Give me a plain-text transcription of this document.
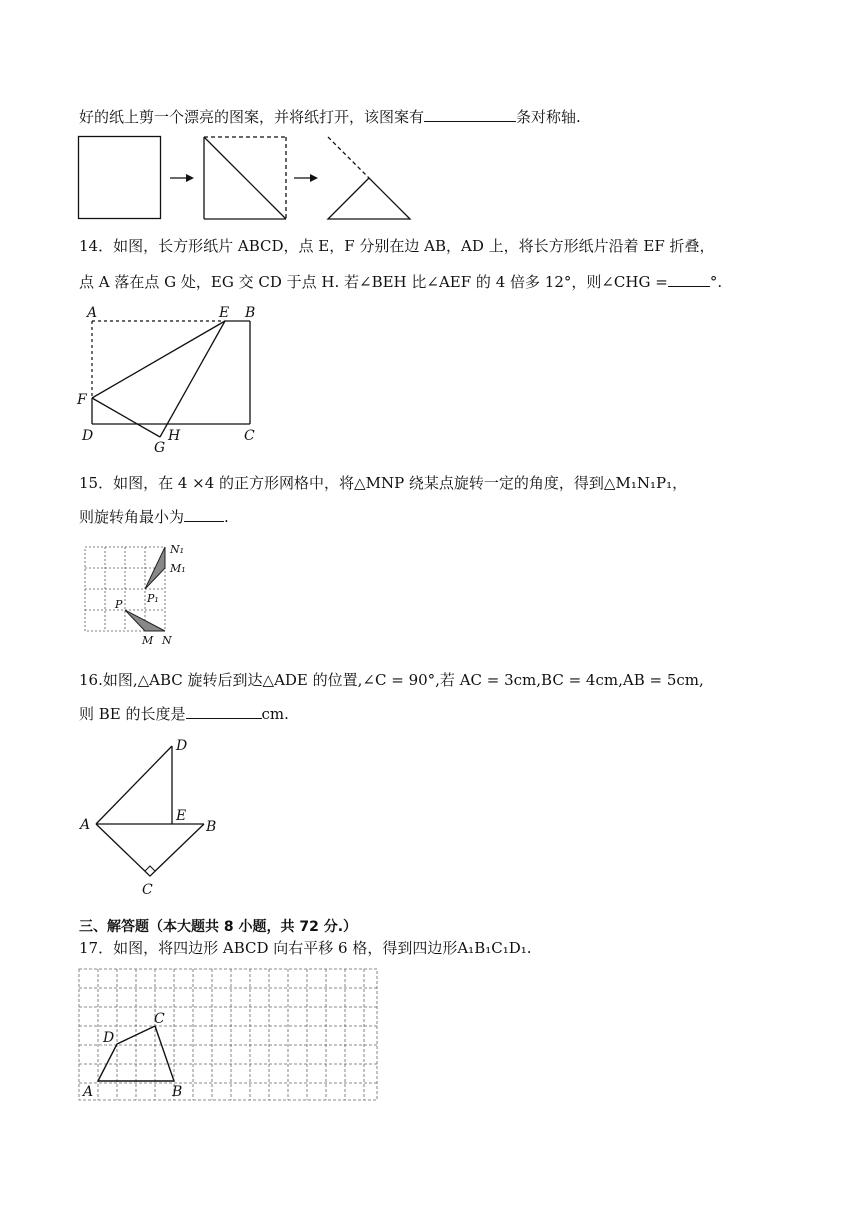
好的纸上剪一个漂亮的图案，并将纸打开，该图案有	条对称轴.
14．如图，长方形纸片 ABCD，点 E，F 分别在边 AB，AD 上，将长方形纸片沿着 EF 折叠，
点 A 落在点 G 处，EG 交 CD 于点 H. 若∠BEH 比∠AEF 的 4 倍多 12°，则∠CHG =	°.
A	E B
F
D
G
H	C
15．如图，在 4 ×4 的正方形网格中，将△MNP 绕某点旋转一定的角度，得到△M₁N₁P₁，
则旋转角最小为	.
N₁
M₁
P₁
P
M N
16.如图,△ABC 旋转后到达△ADE 的位置,∠C = 90°,若 AC = 3cm,BC = 4cm,AB = 5cm,
则 BE 的长度是	cm.
D
A
E
B
C
三、解答题（本大题共 8 小题，共 72 分.）
17．如图，将四边形 ABCD 向右平移 6 格，得到四边形A₁B₁C₁D₁.
C
D
A	B
